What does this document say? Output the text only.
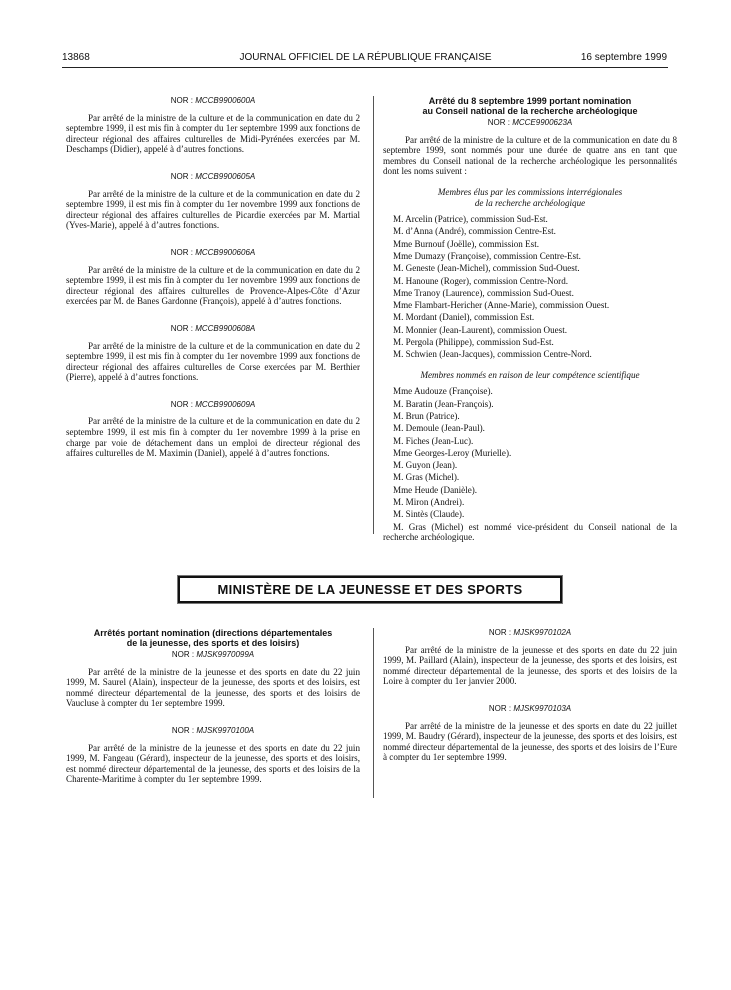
13868	JOURNAL OFFICIEL DE LA RÉPUBLIQUE FRANÇAISE	16 septembre 1999

NOR : MCCB9900600A

Par arrêté de la ministre de la culture et de la communication en date du 2 septembre 1999, il est mis fin à compter du 1er septembre 1999 aux fonctions de directeur régional des affaires culturelles de Midi-Pyrénées exercées par M. Deschamps (Didier), appelé à d’autres fonctions.

NOR : MCCB9900605A

Par arrêté de la ministre de la culture et de la communication en date du 2 septembre 1999, il est mis fin à compter du 1er novembre 1999 aux fonctions de directeur régional des affaires culturelles de Picardie exercées par M. Martial (Yves-Marie), appelé à d’autres fonctions.

NOR : MCCB9900606A

Par arrêté de la ministre de la culture et de la communication en date du 2 septembre 1999, il est mis fin à compter du 1er novembre 1999 aux fonctions de directeur régional des affaires culturelles de Provence-Alpes-Côte d’Azur exercées par M. de Banes Gardonne (François), appelé à d’autres fonctions.

NOR : MCCB9900608A

Par arrêté de la ministre de la culture et de la communication en date du 2 septembre 1999, il est mis fin à compter du 1er novembre 1999 aux fonctions de directeur régional des affaires culturelles de Corse exercées par M. Berthier (Pierre), appelé à d’autres fonctions.

NOR : MCCB9900609A

Par arrêté de la ministre de la culture et de la communication en date du 2 septembre 1999, il est mis fin à compter du 1er novembre 1999 à la prise en charge par voie de détachement dans un emploi de directeur régional des affaires culturelles de M. Maximin (Daniel), appelé à d’autres fonctions.

Arrêté du 8 septembre 1999 portant nomination
au Conseil national de la recherche archéologique

NOR : MCCE9900623A

Par arrêté de la ministre de la culture et de la communication en date du 8 septembre 1999, sont nommés pour une durée de quatre ans en tant que membres du Conseil national de la recherche archéologique les personnalités dont les noms suivent :

Membres élus par les commissions interrégionales
de la recherche archéologique

M. Arcelin (Patrice), commission Sud-Est.
M. d’Anna (André), commission Centre-Est.
Mme Burnouf (Joëlle), commission Est.
Mme Dumazy (Françoise), commission Centre-Est.
M. Geneste (Jean-Michel), commission Sud-Ouest.
M. Hanoune (Roger), commission Centre-Nord.
Mme Tranoy (Laurence), commission Sud-Ouest.
Mme Flambart-Hericher (Anne-Marie), commission Ouest.
M. Mordant (Daniel), commission Est.
M. Monnier (Jean-Laurent), commission Ouest.
M. Pergola (Philippe), commission Sud-Est.
M. Schwien (Jean-Jacques), commission Centre-Nord.

Membres nommés en raison de leur compétence scientifique

Mme Audouze (Françoise).
M. Baratin (Jean-François).
M. Brun (Patrice).
M. Demoule (Jean-Paul).
M. Fiches (Jean-Luc).
Mme Georges-Leroy (Murielle).
M. Guyon (Jean).
M. Gras (Michel).
Mme Heude (Danièle).
M. Miron (Andrei).
M. Sintès (Claude).

M. Gras (Michel) est nommé vice-président du Conseil national de la recherche archéologique.

MINISTÈRE DE LA JEUNESSE ET DES SPORTS

Arrêtés portant nomination (directions départementales
de la jeunesse, des sports et des loisirs)

NOR : MJSK9970099A

Par arrêté de la ministre de la jeunesse et des sports en date du 22 juin 1999, M. Saurel (Alain), inspecteur de la jeunesse, des sports et des loisirs, est nommé directeur départemental de la jeunesse, des sports et des loisirs de Vaucluse à compter du 1er septembre 1999.

NOR : MJSK9970100A

Par arrêté de la ministre de la jeunesse et des sports en date du 22 juin 1999, M. Fangeau (Gérard), inspecteur de la jeunesse, des sports et des loisirs, est nommé directeur départemental de la jeunesse, des sports et des loisirs de la Charente-Maritime à compter du 1er septembre 1999.

NOR : MJSK9970102A

Par arrêté de la ministre de la jeunesse et des sports en date du 22 juin 1999, M. Paillard (Alain), inspecteur de la jeunesse, des sports et des loisirs, est nommé directeur départemental de la jeunesse, des sports et des loisirs de la Loire à compter du 1er janvier 2000.

NOR : MJSK9970103A

Par arrêté de la ministre de la jeunesse et des sports en date du 22 juillet 1999, M. Baudry (Gérard), inspecteur de la jeunesse, des sports et des loisirs, est nommé directeur départemental de la jeunesse, des sports et des loisirs de l’Eure à compter du 1er septembre 1999.
